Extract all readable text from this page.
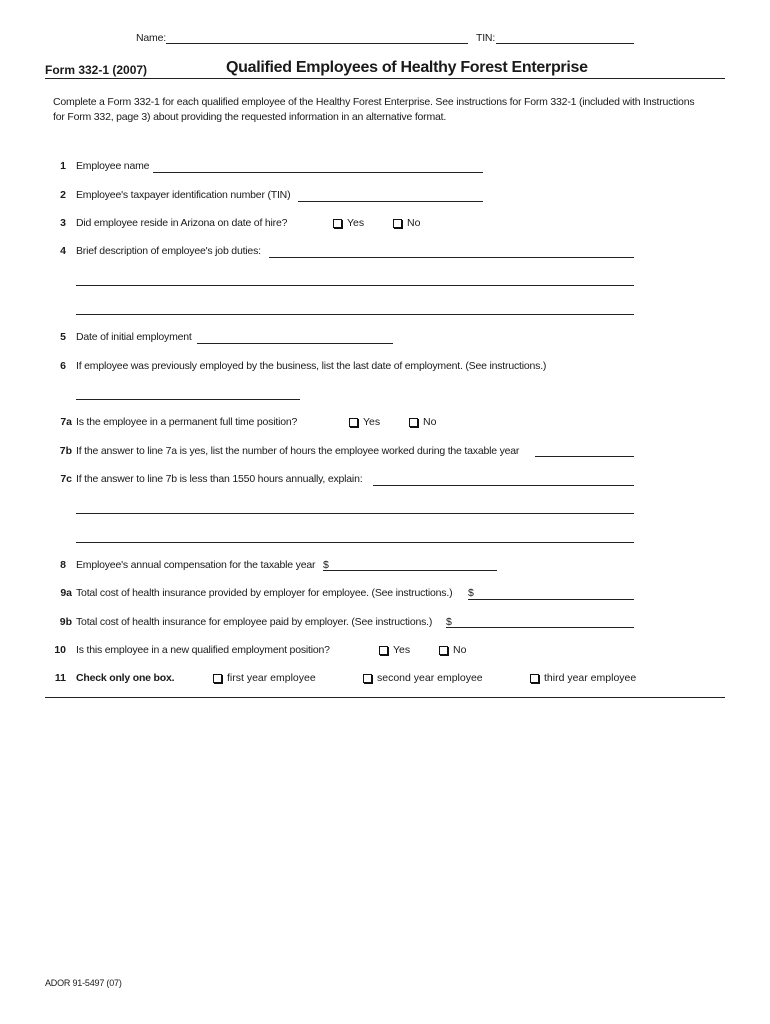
Name:	TIN:
Form 332-1 (2007)	Qualified Employees of Healthy Forest Enterprise
Complete a Form 332-1 for each qualified employee of the Healthy Forest Enterprise. See instructions for Form 332-1 (included with Instructions
for Form 332, page 3) about providing the requested information in an alternative format.
1 Employee name
2 Employee's taxpayer identification number (TIN)
3 Did employee reside in Arizona on date of hire?	Yes	No
4 Brief description of employee's job duties:
5 Date of initial employment
6 If employee was previously employed by the business, list the last date of employment. (See instructions.)
7a Is the employee in a permanent full time position?	Yes	No
7b If the answer to line 7a is yes, list the number of hours the employee worked during the taxable year
7c If the answer to line 7b is less than 1550 hours annually, explain:
8 Employee's annual compensation for the taxable year $
9a Total cost of health insurance provided by employer for employee. (See instructions.) $
9b Total cost of health insurance for employee paid by employer. (See instructions.) $
10 Is this employee in a new qualified employment position?	Yes	No
11 Check only one box.	first year employee	second year employee	third year employee
ADOR 91-5497 (07)
